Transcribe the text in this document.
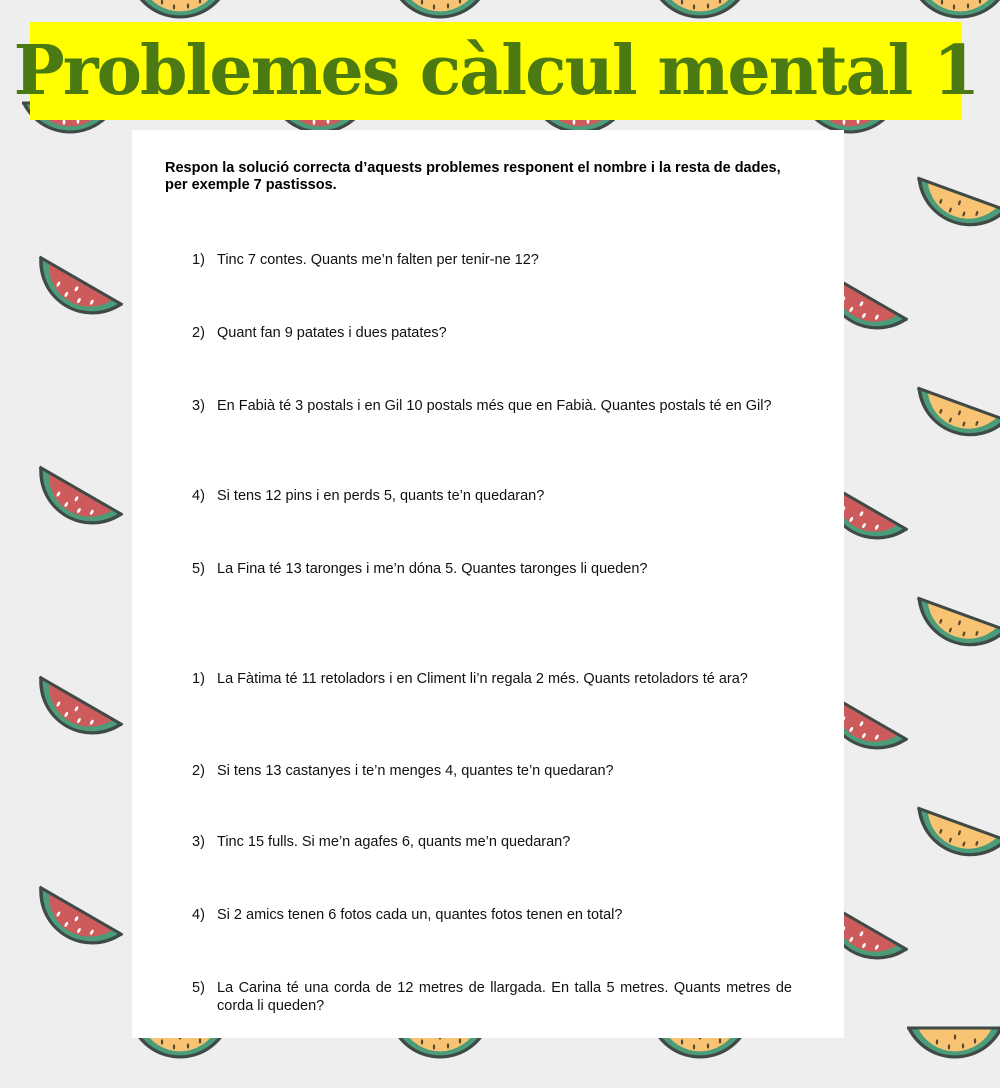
Problemes càlcul mental 1
Respon la solució correcta d’aquests problemes responent el nombre i la resta de dades, per exemple 7 pastissos.
1) Tinc 7 contes. Quants me’n falten per tenir-ne 12?
2) Quant fan 9 patates i dues patates?
3) En Fabià té 3 postals i en Gil 10 postals més que en Fabià. Quantes postals té en Gil?
4) Si tens 12 pins i en perds 5, quants te’n quedaran?
5) La Fina té 13 taronges i me’n dóna 5. Quantes taronges li queden?
1) La Fàtima té 11 retoladors i en Climent li’n regala 2 més. Quants retoladors té ara?
2) Si tens 13 castanyes i te’n menges 4, quantes te’n quedaran?
3) Tinc 15 fulls. Si me’n agafes 6, quants me’n quedaran?
4) Si 2 amics tenen 6 fotos cada un, quantes fotos tenen en total?
5) La Carina té una corda de 12 metres de llargada. En talla 5 metres. Quants metres de corda li queden?
